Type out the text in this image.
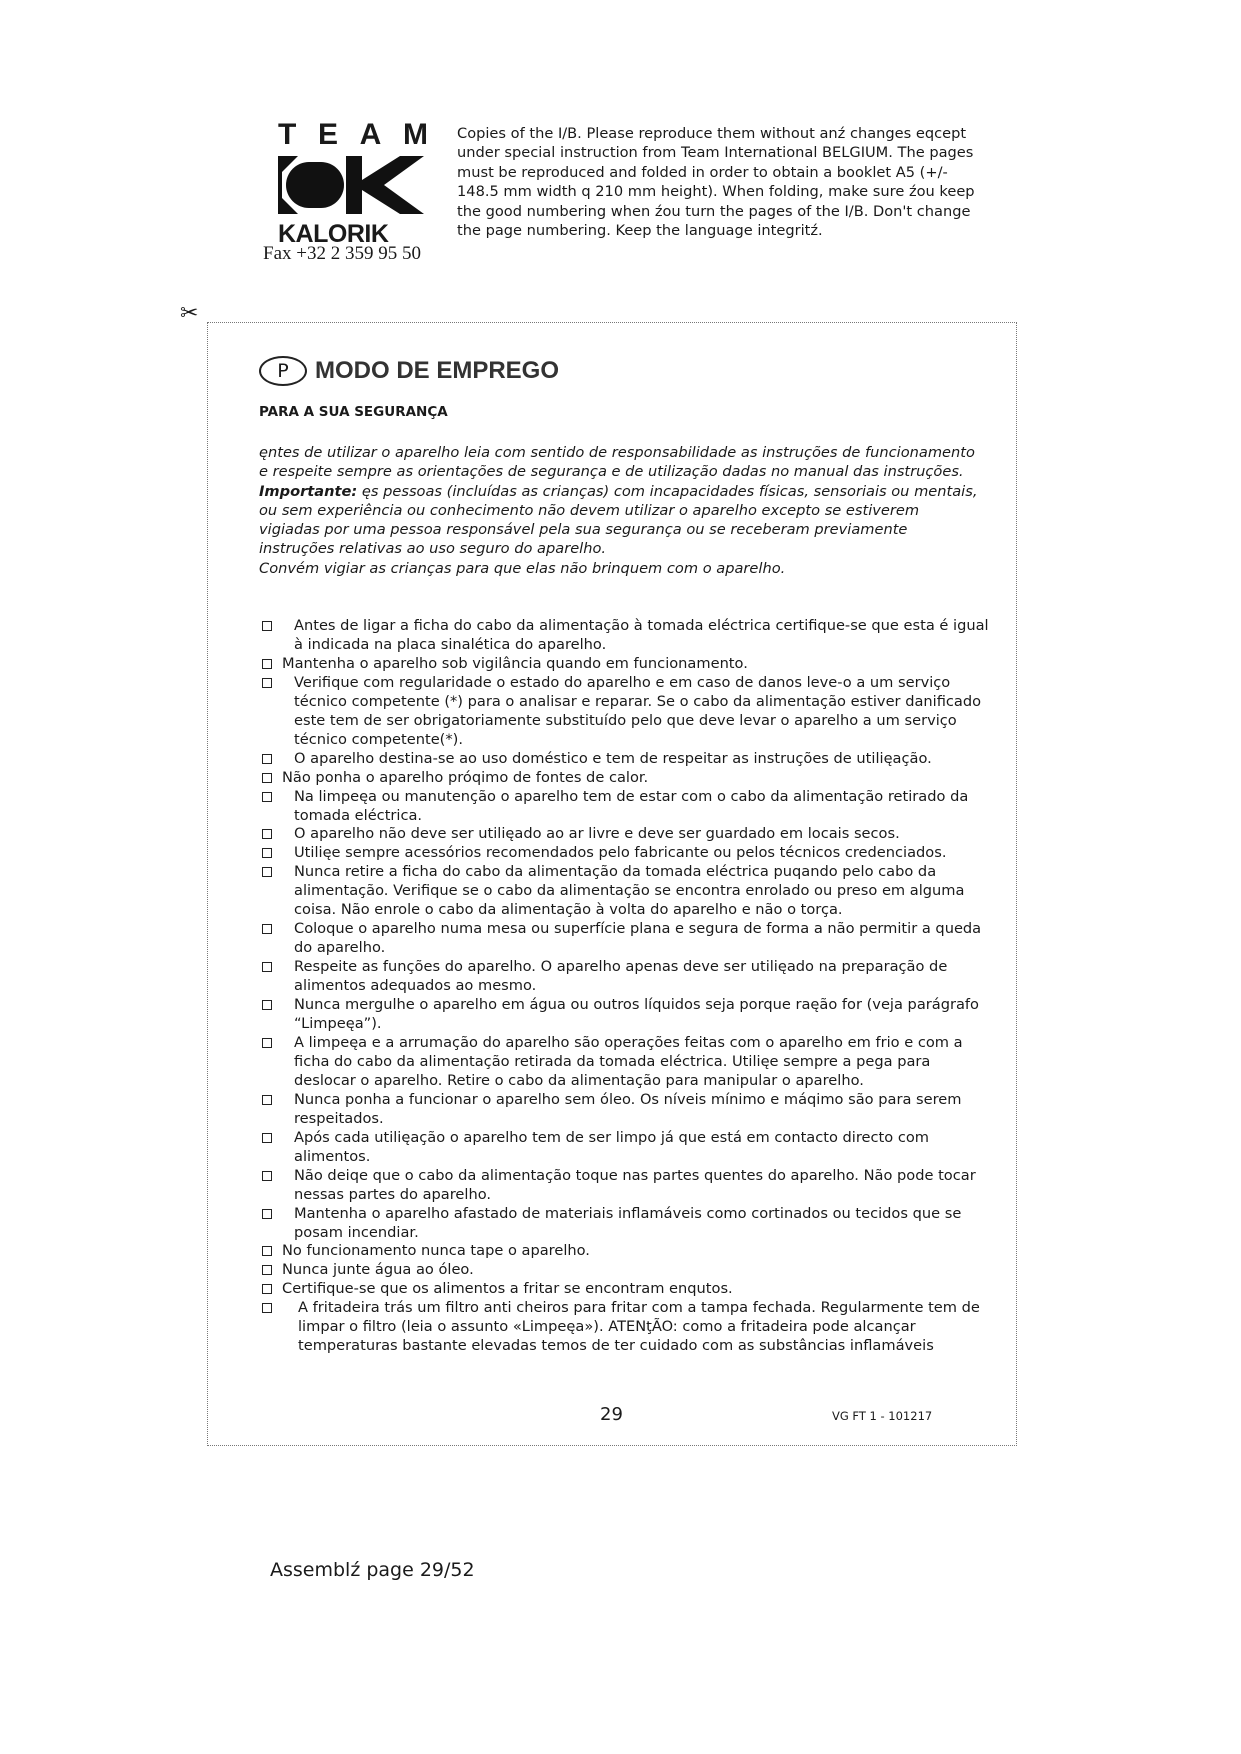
T E A M
KALORIK
Fax +32 2 359 95 50
Copies of the I/B. Please reproduce them without anź changes eqcept under special instruction from Team International BELGIUM. The pages must be reproduced and folded in order to obtain a booklet A5 (+/- 148.5 mm width q 210 mm height). When folding, make sure źou keep the good numbering when źou turn the pages of the I/B. Don't change the page numbering. Keep the language integritź.
✂
P	MODO DE EMPREGO
PARA A SUA SEGURANÇA
ęntes de utilizar o aparelho leia com sentido de responsabilidade as instruções de funcionamento e respeite sempre as orientações de segurança e de utilização dadas no manual das instruções.
Importante: ęs pessoas (incluídas as crianças) com incapacidades físicas, sensoriais ou mentais, ou sem experiência ou conhecimento não devem utilizar o aparelho excepto se estiverem vigiadas por uma pessoa responsável pela sua segurança ou se receberam previamente instruções relativas ao uso seguro do aparelho.
Convém vigiar as crianças para que elas não brinquem com o aparelho.
Antes de ligar a ficha do cabo da alimentação à tomada eléctrica certifique-se que esta é igual à indicada na placa sinalética do aparelho.
Mantenha o aparelho sob vigilância quando em funcionamento.
Verifique com regularidade o estado do aparelho e em caso de danos leve-o a um serviço técnico competente (*) para o analisar e reparar. Se o cabo da alimentação estiver danificado este tem de ser obrigatoriamente substituído pelo que deve levar o aparelho a um serviço técnico competente(*).
O aparelho destina-se ao uso doméstico e tem de respeitar as instruções de utilięação.
Não ponha o aparelho próqimo de fontes de calor.
Na limpeęa ou manutenção o aparelho tem de estar com o cabo da alimentação retirado da tomada eléctrica.
O aparelho não deve ser utilięado ao ar livre e deve ser guardado em locais secos.
Utilięe sempre acessórios recomendados pelo fabricante ou pelos técnicos credenciados.
Nunca retire a ficha do cabo da alimentação da tomada eléctrica puqando pelo cabo da alimentação. Verifique se o cabo da alimentação se encontra enrolado ou preso em alguma coisa. Não enrole o cabo da alimentação à volta do aparelho e não o torça.
Coloque o aparelho numa mesa ou superfície plana e segura de forma a não permitir a queda do aparelho.
Respeite as funções do aparelho. O aparelho apenas deve ser utilięado na preparação de alimentos adequados ao mesmo.
Nunca mergulhe o aparelho em água ou outros líquidos seja porque raęão for (veja parágrafo “Limpeęa”).
A limpeęa e a arrumação do aparelho são operações feitas com o aparelho em frio e com a ficha do cabo da alimentação retirada da tomada eléctrica. Utilięe sempre a pega para deslocar o aparelho. Retire o cabo da alimentação para manipular o aparelho.
Nunca ponha a funcionar o aparelho sem óleo. Os níveis mínimo e máqimo são para serem respeitados.
Após cada utilięação o aparelho tem de ser limpo já que está em contacto directo com alimentos.
Não deiqe que o cabo da alimentação toque nas partes quentes do aparelho. Não pode tocar nessas partes do aparelho.
Mantenha o aparelho afastado de materiais inflamáveis como cortinados ou tecidos que se posam incendiar.
No funcionamento nunca tape o aparelho.
Nunca junte água ao óleo.
Certifique-se que os alimentos a fritar se encontram enqutos.
A fritadeira trás um filtro anti cheiros para fritar com a tampa fechada. Regularmente tem de limpar o filtro (leia o assunto «Limpeęa»). ATENţÃO: como a fritadeira pode alcançar temperaturas bastante elevadas temos de ter cuidado com as substâncias inflamáveis
29	VG FT 1 - 101217
Assemblź page 29/52
